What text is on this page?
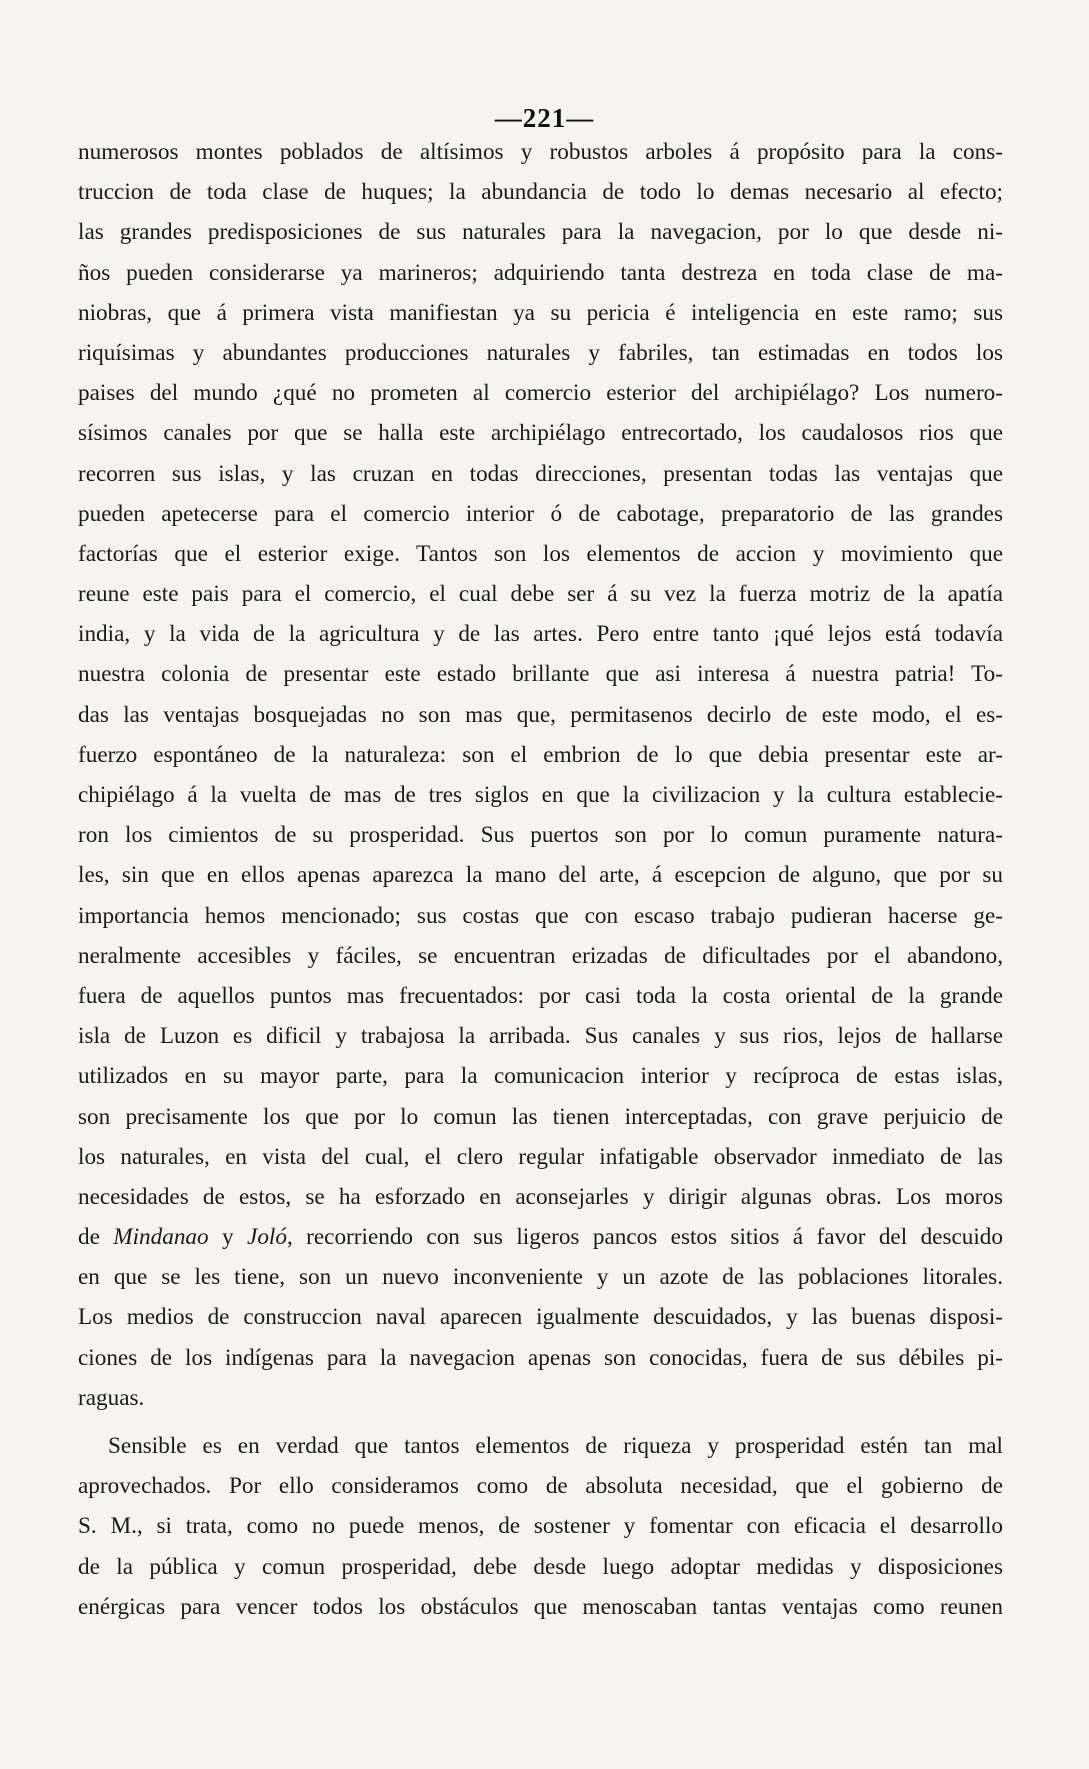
—221—
numerosos montes poblados de altísimos y robustos arboles á propósito para la cons-
truccion de toda clase de huques; la abundancia de todo lo demas necesario al efecto;
las grandes predisposiciones de sus naturales para la navegacion, por lo que desde ni-
ños pueden considerarse ya marineros; adquiriendo tanta destreza en toda clase de ma-
niobras, que á primera vista manifiestan ya su pericia é inteligencia en este ramo; sus
riquísimas y abundantes producciones naturales y fabriles, tan estimadas en todos los
paises del mundo ¿qué no prometen al comercio esterior del archipiélago? Los numero-
sísimos canales por que se halla este archipiélago entrecortado, los caudalosos rios que
recorren sus islas, y las cruzan en todas direcciones, presentan todas las ventajas que
pueden apetecerse para el comercio interior ó de cabotage, preparatorio de las grandes
factorías que el esterior exige. Tantos son los elementos de accion y movimiento que
reune este pais para el comercio, el cual debe ser á su vez la fuerza motriz de la apatía
india, y la vida de la agricultura y de las artes. Pero entre tanto ¡qué lejos está todavía
nuestra colonia de presentar este estado brillante que asi interesa á nuestra patria! To-
das las ventajas bosquejadas no son mas que, permitasenos decirlo de este modo, el es-
fuerzo espontáneo de la naturaleza: son el embrion de lo que debia presentar este ar-
chipiélago á la vuelta de mas de tres siglos en que la civilizacion y la cultura establecie-
ron los cimientos de su prosperidad. Sus puertos son por lo comun puramente natura-
les, sin que en ellos apenas aparezca la mano del arte, á escepcion de alguno, que por su
importancia hemos mencionado; sus costas que con escaso trabajo pudieran hacerse ge-
neralmente accesibles y fáciles, se encuentran erizadas de dificultades por el abandono,
fuera de aquellos puntos mas frecuentados: por casi toda la costa oriental de la grande
isla de Luzon es dificil y trabajosa la arribada. Sus canales y sus rios, lejos de hallarse
utilizados en su mayor parte, para la comunicacion interior y recíproca de estas islas,
son precisamente los que por lo comun las tienen interceptadas, con grave perjuicio de
los naturales, en vista del cual, el clero regular infatigable observador inmediato de las
necesidades de estos, se ha esforzado en aconsejarles y dirigir algunas obras. Los moros
de Mindanao y Joló, recorriendo con sus ligeros pancos estos sitios á favor del descuido
en que se les tiene, son un nuevo inconveniente y un azote de las poblaciones litorales.
Los medios de construccion naval aparecen igualmente descuidados, y las buenas disposi-
ciones de los indígenas para la navegacion apenas son conocidas, fuera de sus débiles pi-
raguas.
Sensible es en verdad que tantos elementos de riqueza y prosperidad estén tan mal
aprovechados. Por ello consideramos como de absoluta necesidad, que el gobierno de
S. M., si trata, como no puede menos, de sostener y fomentar con eficacia el desarrollo
de la pública y comun prosperidad, debe desde luego adoptar medidas y disposiciones
enérgicas para vencer todos los obstáculos que menoscaban tantas ventajas como reunen
